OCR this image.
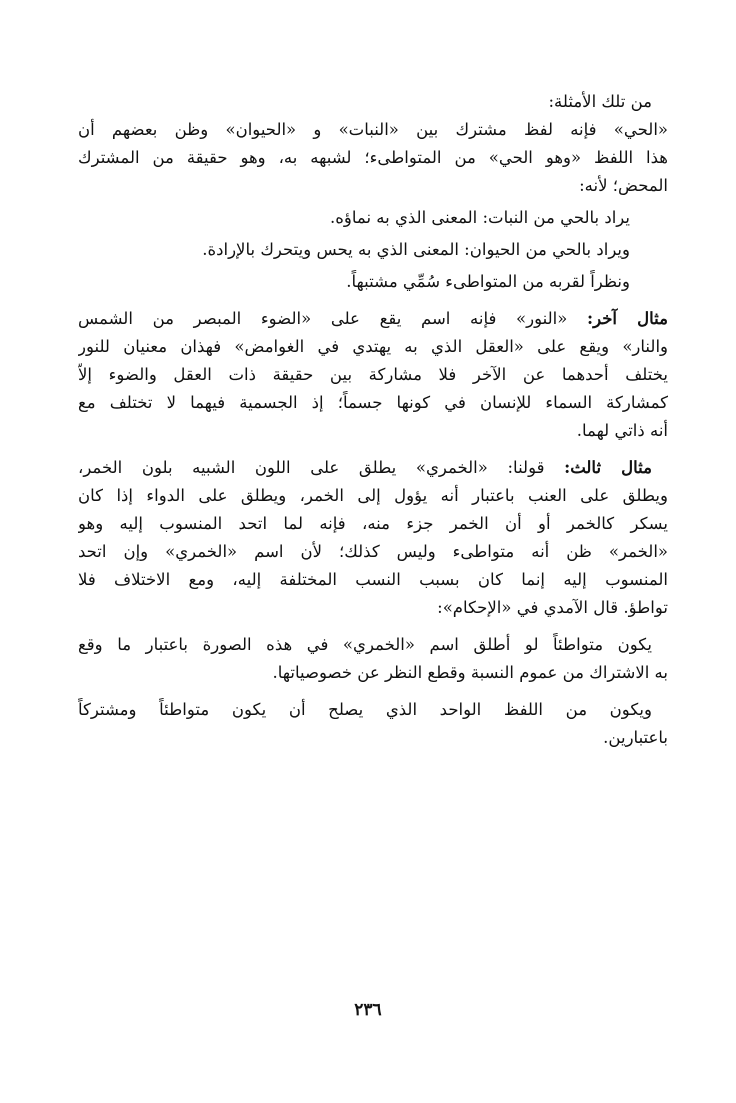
من تلك الأمثلة:

«الحي» فإنه لفظ مشترك بين «النبات» و «الحيوان» وظن بعضهم أن

هذا اللفظ «وهو الحي» من المتواطىء؛ لشبهه به، وهو حقيقة من المشترك

المحض؛ لأنه:

يراد بالحي من النبات: المعنى الذي به نماؤه.

ويراد بالحي من الحيوان: المعنى الذي به يحس ويتحرك بالإرادة.

ونظراً لقربه من المتواطىء سُمِّي مشتبهاً.

مثال آخر: «النور» فإنه اسم يقع على «الضوء المبصر من الشمس

والنار» ويقع على «العقل الذي به يهتدي في الغوامض» فهذان معنيان للنور

يختلف أحدهما عن الآخر فلا مشاركة بين حقيقة ذات العقل والضوء إلاّ

كمشاركة السماء للإنسان في كونها جسماً؛ إذ الجسمية فيهما لا تختلف مع

أنه ذاتي لهما.

مثال ثالث: قولنا: «الخمري» يطلق على اللون الشبيه بلون الخمر،

ويطلق على العنب باعتبار أنه يؤول إلى الخمر، ويطلق على الدواء إذا كان

يسكر كالخمر أو أن الخمر جزء منه، فإنه لما اتحد المنسوب إليه وهو

«الخمر» ظن أنه متواطىء وليس كذلك؛ لأن اسم «الخمري» وإن اتحد

المنسوب إليه إنما كان بسبب النسب المختلفة إليه، ومع الاختلاف فلا

تواطؤ. قال الآمدي في «الإحكام»:

يكون متواطئاً لو أطلق اسم «الخمري» في هذه الصورة باعتبار ما وقع

به الاشتراك من عموم النسبة وقطع النظر عن خصوصياتها.

ويكون من اللفظ الواحد الذي يصلح أن يكون متواطئاً ومشتركاً

باعتبارين.

٢٣٦
